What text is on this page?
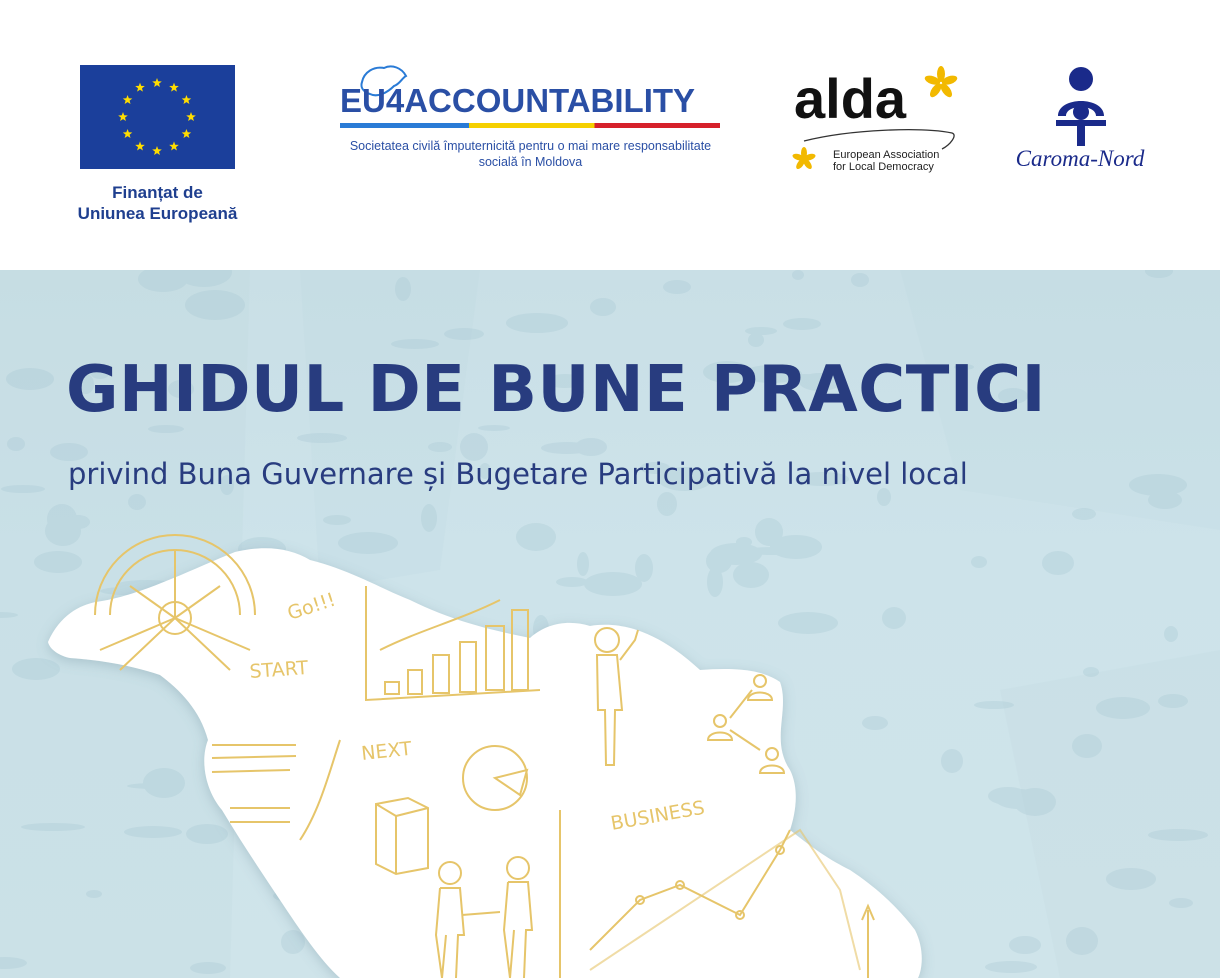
Finanțat de
Uniunea Europeană
EU4ACCOUNTABILITY
Societatea civilă împuternicită pentru o mai mare responsabilitate
socială în Moldova
alda
European Association
for Local Democracy	Caroma-Nord
GHIDUL DE BUNE PRACTICI
privind Buna Guvernare și Bugetare Participativă la nivel local
Go!!!
START
NEXT
BUSINESS
